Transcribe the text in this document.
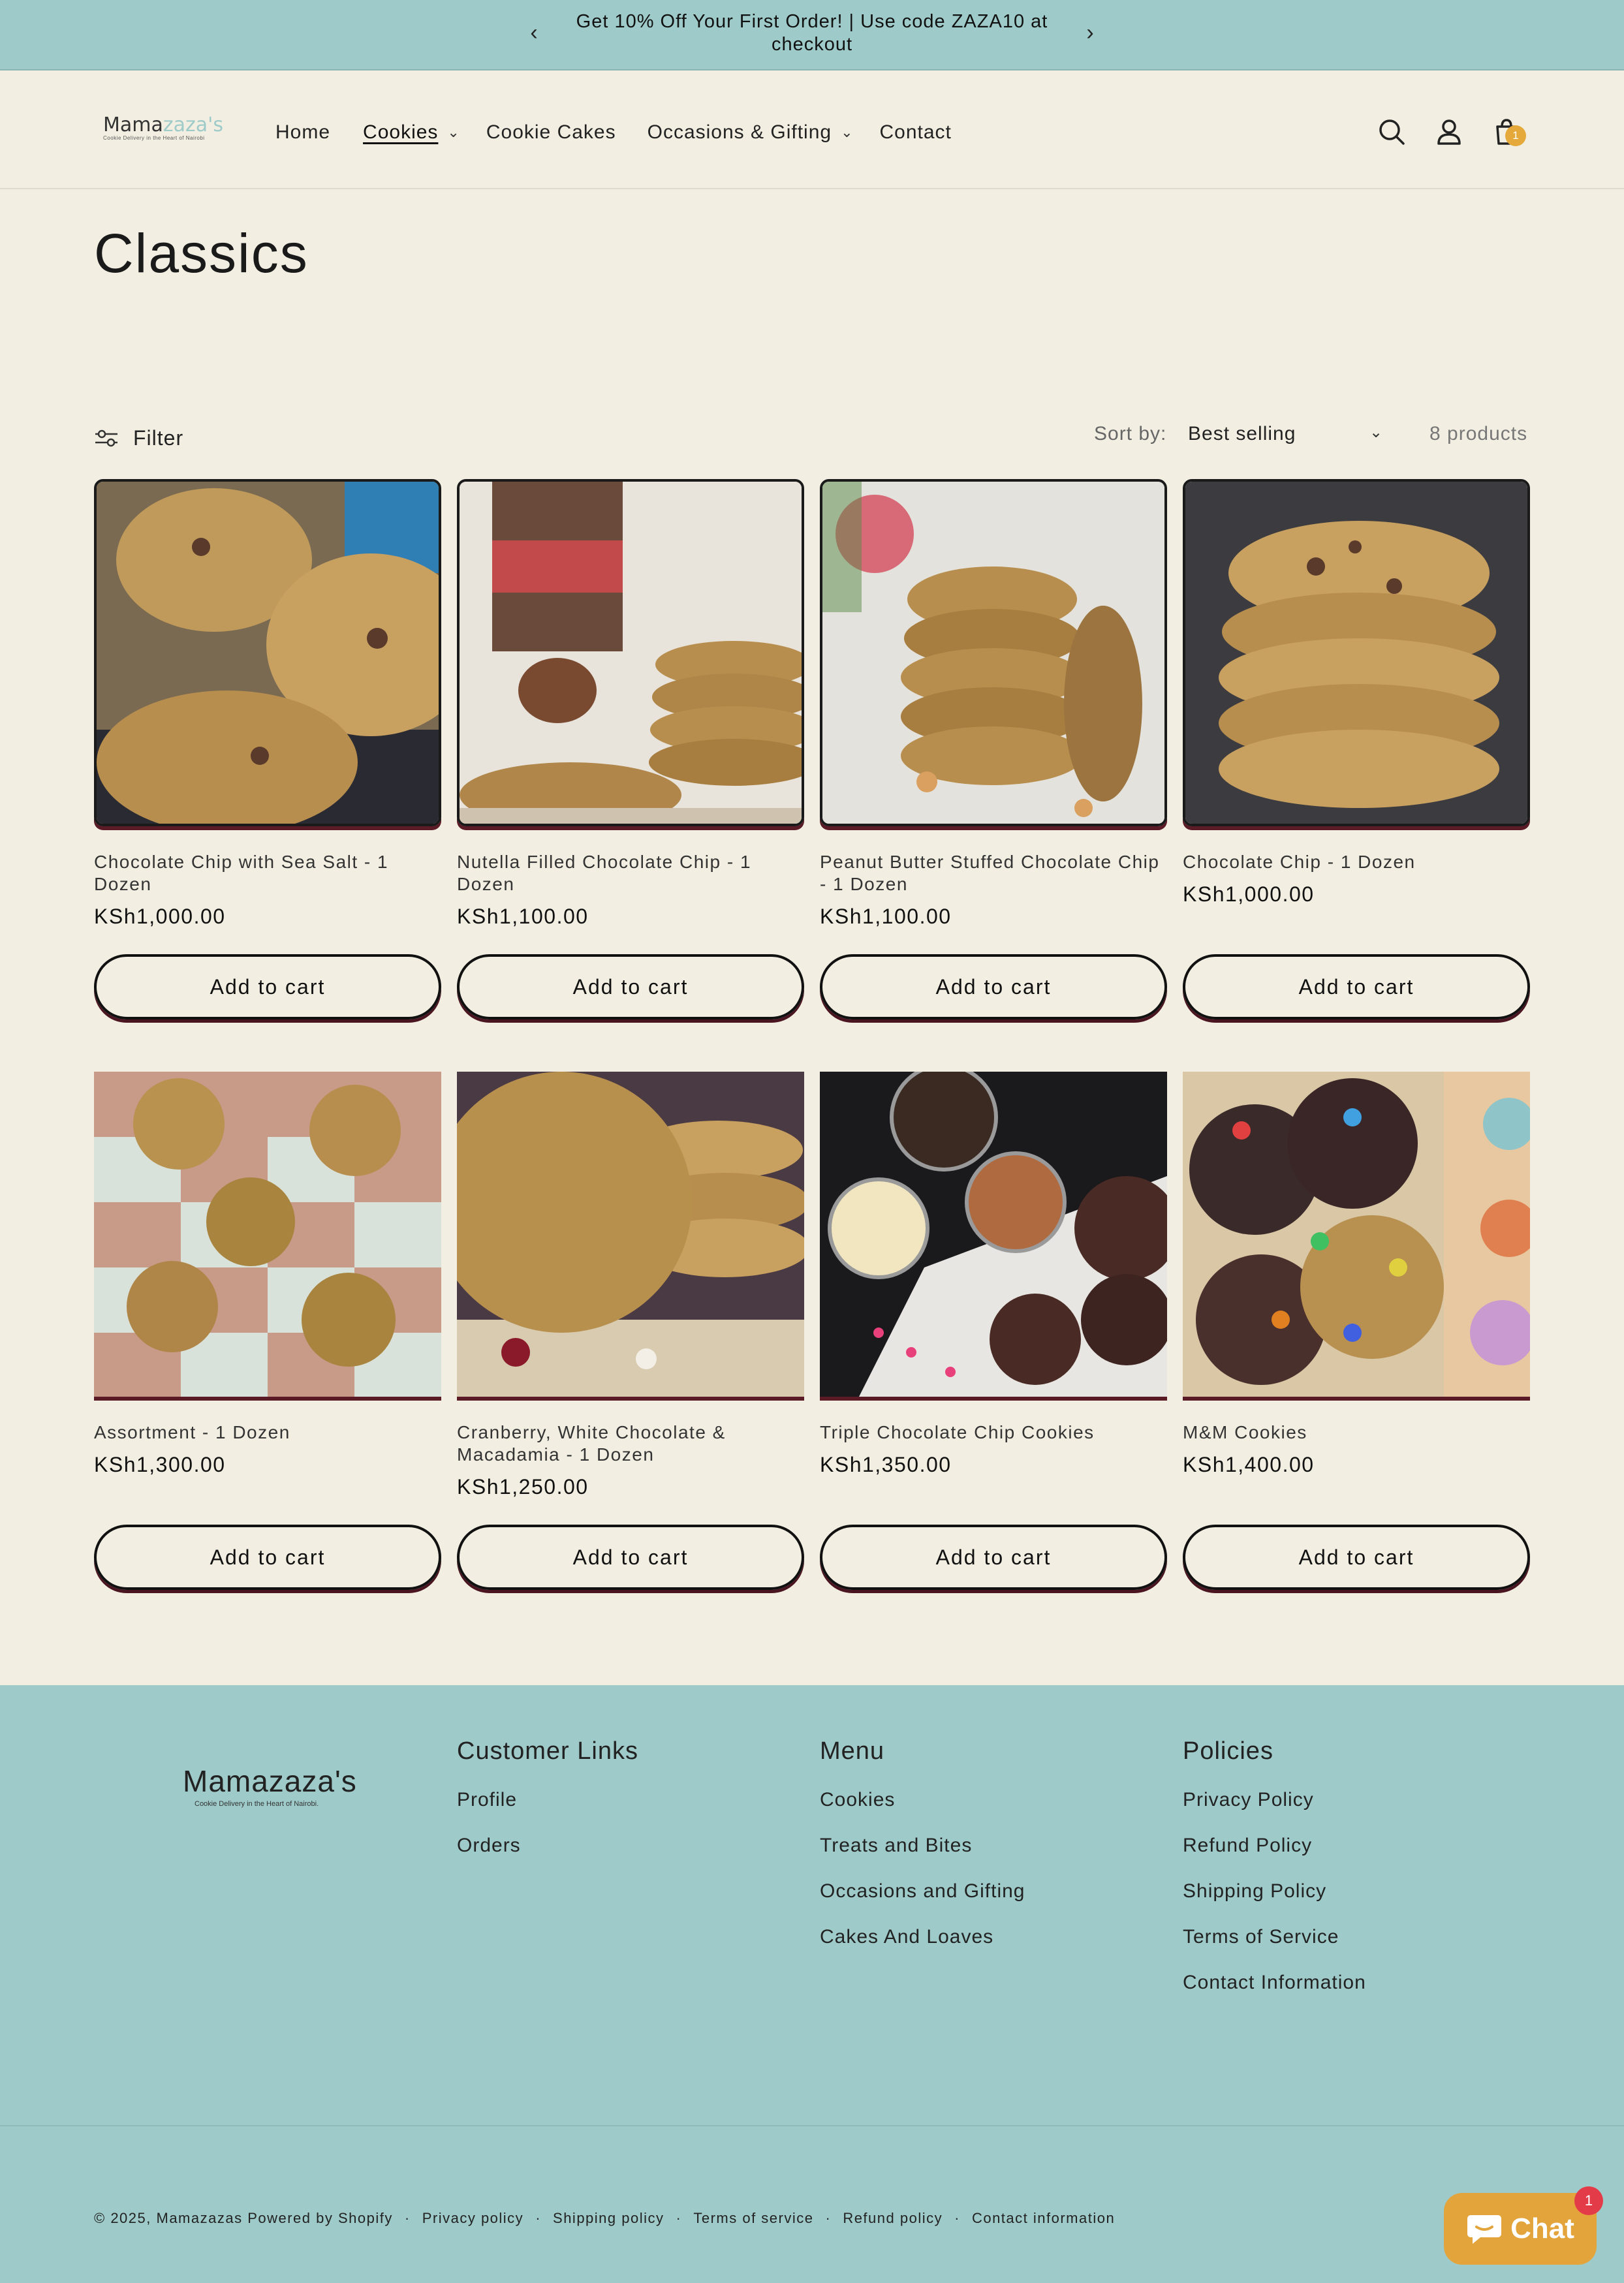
‹	Get 10% Off Your First Order! | Use code ZAZA10 at checkout	›
Mamazaza's
Cookie Delivery in the Heart of Nairobi	Home Cookies ⌄ Cookie Cakes Occasions & Gifting ⌄ Contact	1
Classics
Filter	Sort by: Best selling	⌄ 8 products
Chocolate Chip with Sea Salt - 1 Dozen
KSh1,000.00
Add to cart
Nutella Filled Chocolate Chip - 1 Dozen
KSh1,100.00
Add to cart
Peanut Butter Stuffed Chocolate Chip - 1 Dozen
KSh1,100.00
Add to cart
Chocolate Chip - 1 Dozen
KSh1,000.00
Add to cart
Assortment - 1 Dozen
KSh1,300.00
Add to cart
Cranberry, White Chocolate & Macadamia - 1 Dozen
KSh1,250.00
Add to cart
Triple Chocolate Chip Cookies
KSh1,350.00
Add to cart
M&M Cookies
KSh1,400.00
Add to cart
Mamazaza's
Cookie Delivery in the Heart of Nairobi.
Customer Links
Profile
Orders
Menu
Cookies
Treats and Bites
Occasions and Gifting
Cakes And Loaves
Policies
Privacy Policy
Refund Policy
Shipping Policy
Terms of Service
Contact Information
© 2025, Mamazazas Powered by Shopify · Privacy policy · Shipping policy · Terms of service · Refund policy · Contact information	Chat
1
